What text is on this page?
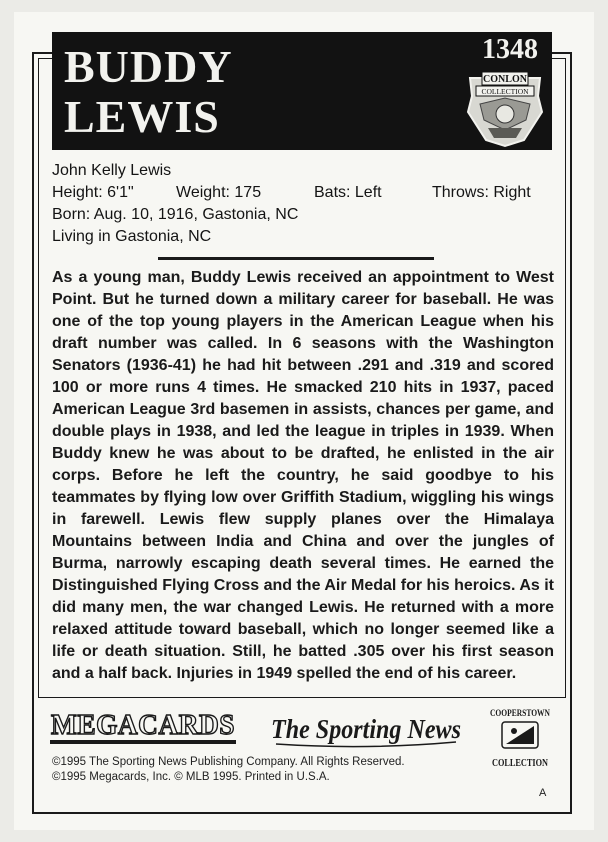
BUDDY
LEWIS
1348
CONLON
COLLECTION
John Kelly Lewis
Height: 6'1"	Weight: 175	Bats: Left	Throws: Right
Born: Aug. 10, 1916, Gastonia, NC
Living in Gastonia, NC
As a young man, Buddy Lewis received an appointment to West Point. But he turned down a military career for baseball. He was one of the top young players in the American League when his draft number was called. In 6 seasons with the Washington Senators (1936-41) he had hit between .291 and .319 and scored 100 or more runs 4 times. He smacked 210 hits in 1937, paced American League 3rd basemen in assists, chances per game, and double plays in 1938, and led the league in triples in 1939. When Buddy knew he was about to be drafted, he enlisted in the air corps. Before he left the country, he said goodbye to his teammates by flying low over Griffith Stadium, wiggling his wings in farewell. Lewis flew supply planes over the Himalaya Mountains between India and China and over the jungles of Burma, narrowly escaping death several times. He earned the Distinguished Flying Cross and the Air Medal for his heroics. As it did many men, the war changed Lewis. He returned with a more relaxed attitude toward baseball, which no longer seemed like a life or death situation. Still, he batted .305 over his first season and a half back. Injuries in 1949 spelled the end of his career.
MEGACARDS The Sporting News
COOPERSTOWN
COLLECTION
©1995 The Sporting News Publishing Company. All Rights Reserved.
©1995 Megacards, Inc. © MLB 1995. Printed in U.S.A.
A
